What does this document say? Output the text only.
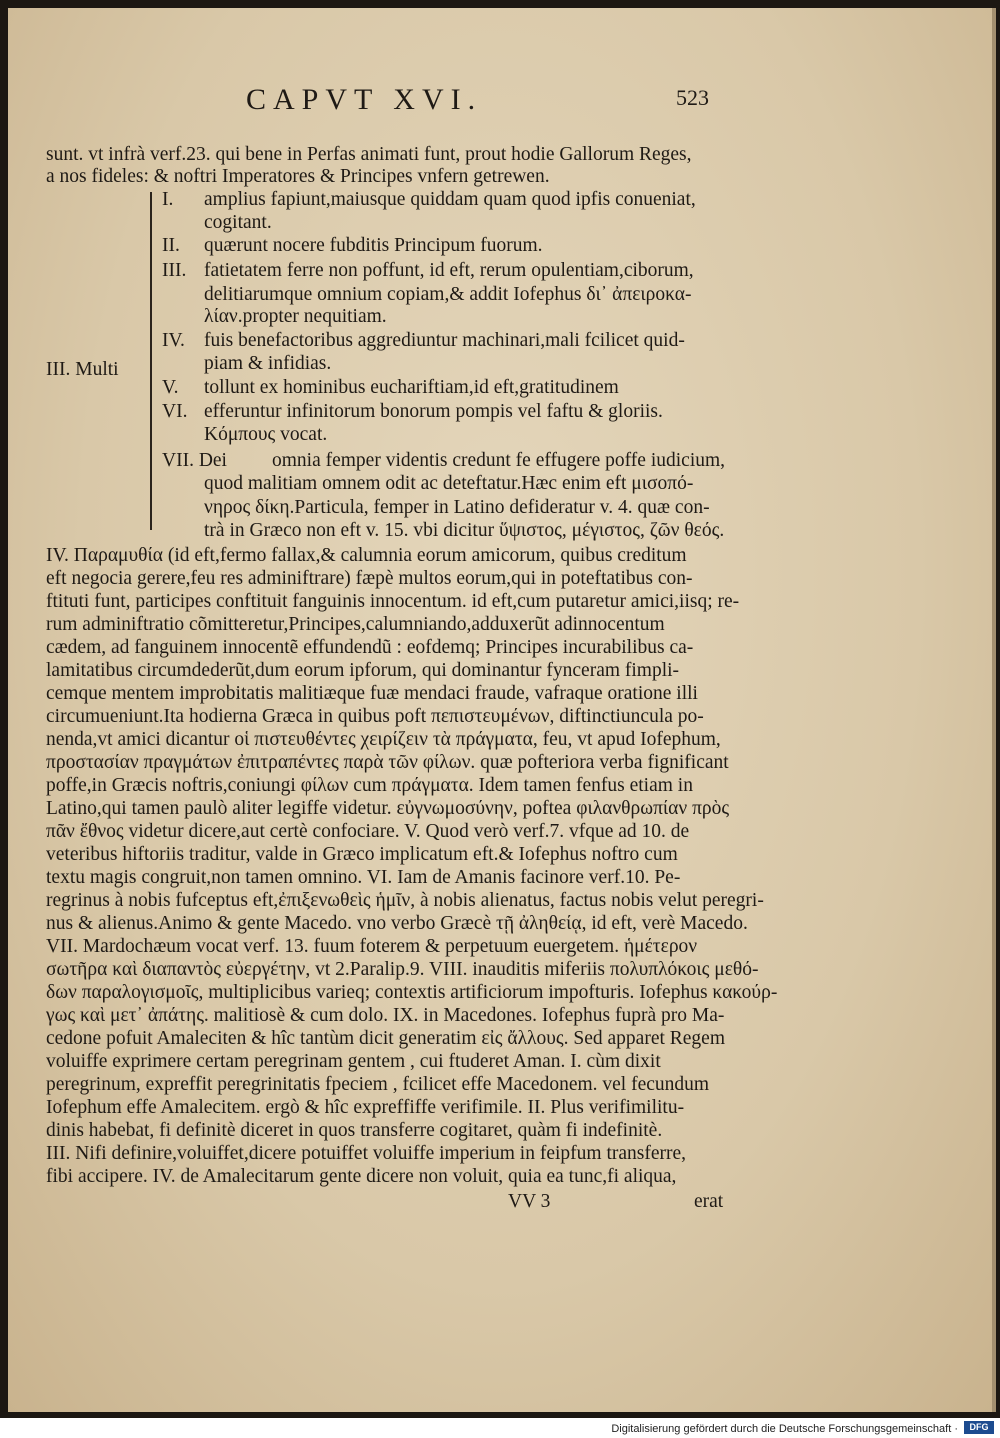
CAPVT XVI.	523
sunt. vt infrà verf.23. qui bene in Perfas animati funt, prout hodie Gallorum Reges,
a nos fideles: & noftri Imperatores & Principes vnfern getrewen.
III. Multi
I. amplius fapiunt,maiusque quiddam quam quod ipfis conueniat,
cogitant.
II. quærunt nocere fubditis Principum fuorum.
III. fatietatem ferre non poffunt, id eft, rerum opulentiam,ciborum,
delitiarumque omnium copiam,& addit Iofephus δι᾽ ἀπειροκα-
λίαν.propter nequitiam.
IV. fuis benefactoribus aggrediuntur machinari,mali fcilicet quid-
piam & infidias.
V. tollunt ex hominibus euchariftiam,id eft,gratitudinem
VI. efferuntur infinitorum bonorum pompis vel faftu & gloriis.
Κόμπους vocat.
VII. Dei omnia femper videntis credunt fe effugere poffe iudicium,
quod malitiam omnem odit ac deteftatur.Hæc enim eft μισοπό-
νηρος δίκη.Particula, femper in Latino defideratur v. 4. quæ con-
trà in Græco non eft v. 15. vbi dicitur ὕψιστος, μέγιστος, ζῶν θεός.
IV. Παραμυθία (id eft,fermo fallax,& calumnia eorum amicorum, quibus creditum
eft negocia gerere,feu res adminiftrare) fæpè multos eorum,qui in poteftatibus con-
ftituti funt, participes conftituit fanguinis innocentum. id eft,cum putaretur amici,iisq; re-
rum adminiftratio cõmitteretur,Principes,calumniando,adduxerũt adinnocentum
cædem, ad fanguinem innocentẽ effundendũ : eofdemq; Principes incurabilibus ca-
lamitatibus circumdederũt,dum eorum ipforum, qui dominantur fynceram fimpli-
cemque mentem improbitatis malitiæque fuæ mendaci fraude, vafraque oratione illi
circumueniunt.Ita hodierna Græca in quibus poft πεπιστευμένων, diftinctiuncula po-
nenda,vt amici dicantur οἱ πιστευθέντες χειρίζειν τὰ πράγματα, feu, vt apud Iofephum,
προστασίαν πραγμάτων ἐπιτραπέντες παρὰ τῶν φίλων. quæ pofteriora verba fignificant
poffe,in Græcis noftris,coniungi φίλων cum πράγματα. Idem tamen fenfus etiam in
Latino,qui tamen paulò aliter legiffe videtur. εὐγνωμοσύνην, poftea φιλανθρωπίαν πρὸς
πᾶν ἔθνος videtur dicere,aut certè confociare. V. Quod verò verf.7. vfque ad 10. de
veteribus hiftoriis traditur, valde in Græco implicatum eft.& Iofephus noftro cum
textu magis congruit,non tamen omnino. VI. Iam de Amanis facinore verf.10. Pe-
regrinus à nobis fufceptus eft,ἐπιξενωθεὶς ἡμῖν, à nobis alienatus, factus nobis velut peregri-
nus & alienus.Animo & gente Macedo. vno verbo Græcè τῇ ἀληθείᾳ, id eft, verè Macedo.
VII. Mardochæum vocat verf. 13. fuum foterem & perpetuum euergetem. ἡμέτερον
σωτῆρα καὶ διαπαντὸς εὐεργέτην, vt 2.Paralip.9. VIII. inauditis miferiis πολυπλόκοις μεθό-
δων παραλογισμοῖς, multiplicibus varieq; contextis artificiorum impofturis. Iofephus κακούρ-
γως καὶ μετ᾽ ἀπάτης. malitiosè & cum dolo. IX. in Macedones. Iofephus fuprà pro Ma-
cedone pofuit Amaleciten & hîc tantùm dicit generatim εἰς ἄλλους. Sed apparet Regem
voluiffe exprimere certam peregrinam gentem , cui ftuderet Aman. I. cùm dixit
peregrinum, expreffit peregrinitatis fpeciem , fcilicet effe Macedonem. vel fecundum
Iofephum effe Amalecitem. ergò & hîc expreffiffe verifimile. II. Plus verifimilitu-
dinis habebat, fi definitè diceret in quos transferre cogitaret, quàm fi indefinitè.
III. Nifi definire,voluiffet,dicere potuiffet voluiffe imperium in feipfum transferre,
fibi accipere. IV. de Amalecitarum gente dicere non voluit, quia ea tunc,fi aliqua,
VV 3	erat
Digitalisierung gefördert durch die Deutsche Forschungsgemeinschaft ·	DFG
